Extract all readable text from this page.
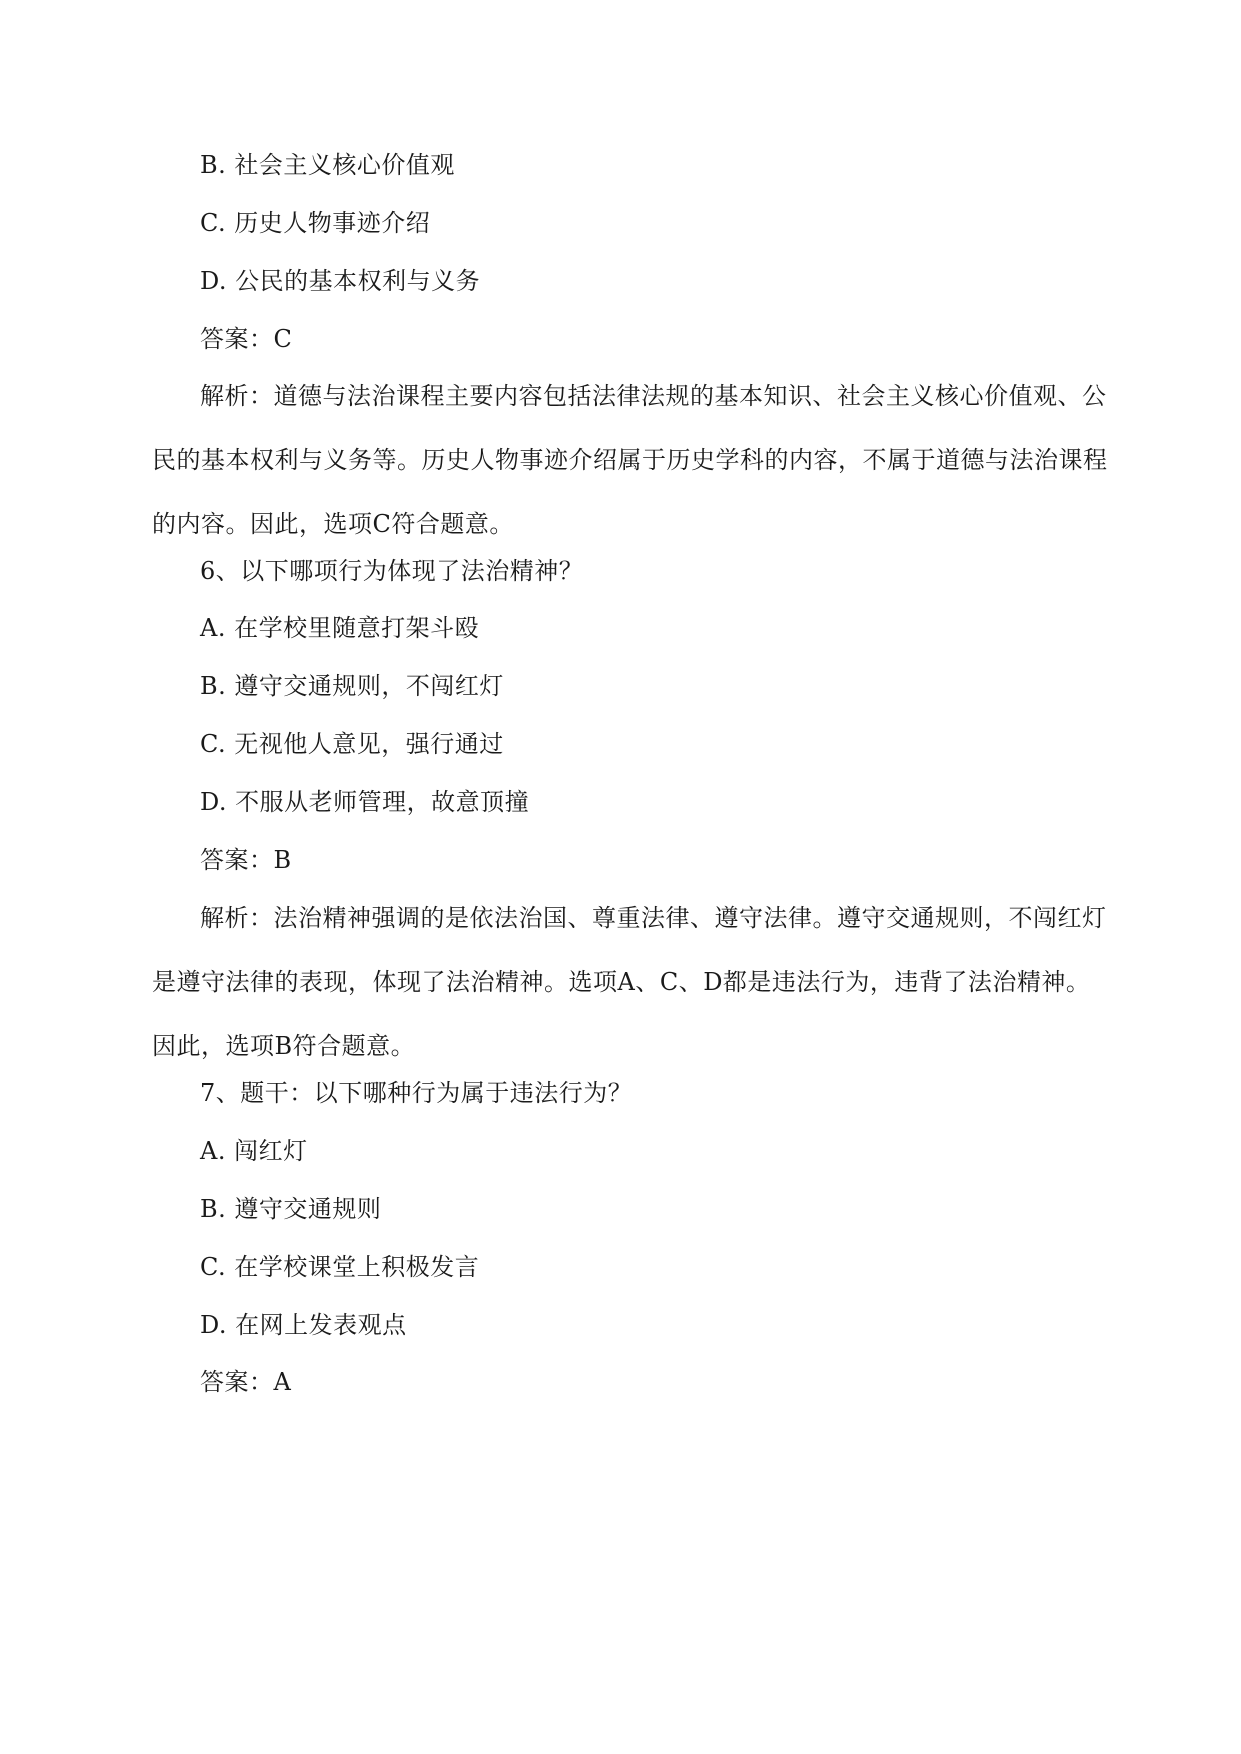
B. 社会主义核心价值观
C. 历史人物事迹介绍
D. 公民的基本权利与义务
答案：C
解析：道德与法治课程主要内容包括法律法规的基本知识、社会主义核心价值观、公民的基本权利与义务等。历史人物事迹介绍属于历史学科的内容，不属于道德与法治课程的内容。因此，选项C符合题意。
6、以下哪项行为体现了法治精神？
A. 在学校里随意打架斗殴
B. 遵守交通规则，不闯红灯
C. 无视他人意见，强行通过
D. 不服从老师管理，故意顶撞
答案：B
解析：法治精神强调的是依法治国、尊重法律、遵守法律。遵守交通规则，不闯红灯是遵守法律的表现，体现了法治精神。选项A、C、D都是违法行为，违背了法治精神。因此，选项B符合题意。
7、题干：以下哪种行为属于违法行为？
A. 闯红灯
B. 遵守交通规则
C. 在学校课堂上积极发言
D. 在网上发表观点
答案：A
